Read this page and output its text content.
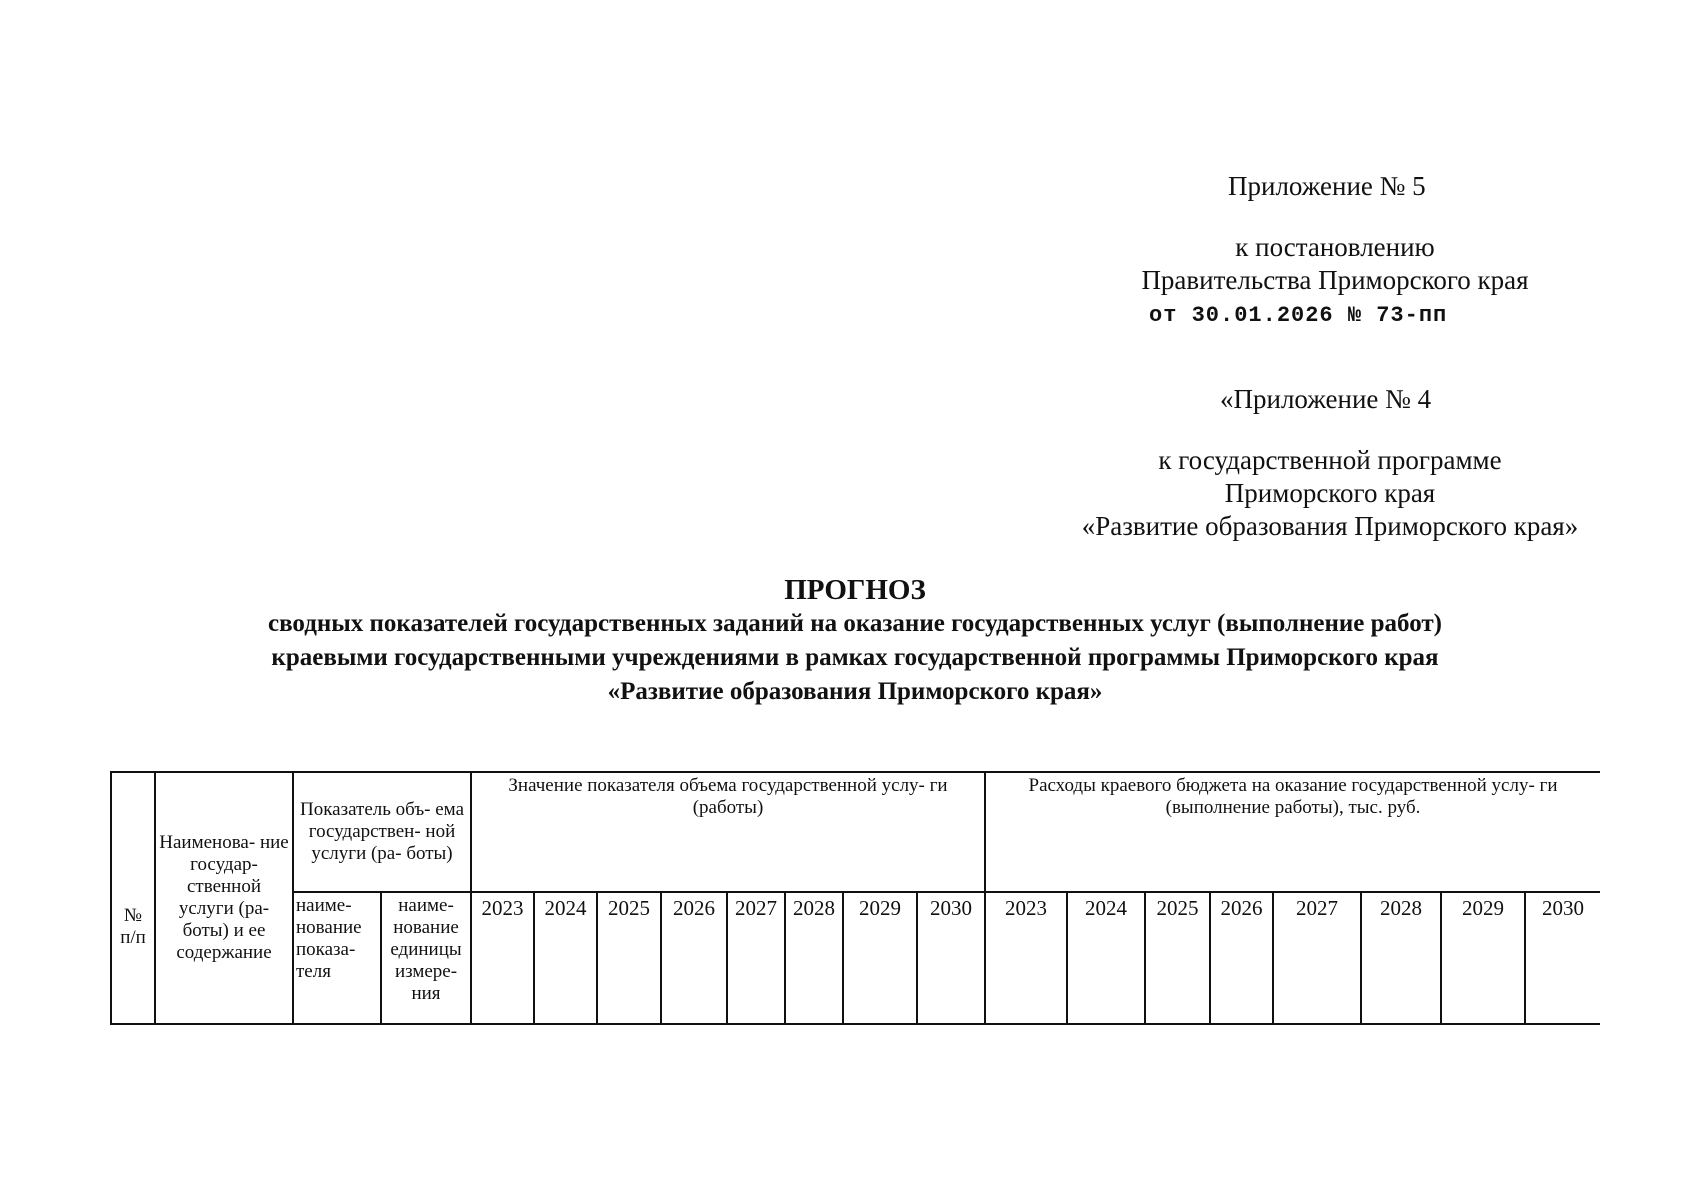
Приложение № 5
к постановлению
Правительства Приморского края
от 30.01.2026 № 73-пп
«Приложение № 4
к государственной программе
Приморского края
«Развитие образования Приморского края»
ПРОГНОЗ
сводных показателей государственных заданий на оказание государственных услуг (выполнение работ)
краевыми государственными учреждениями в рамках государственной программы Приморского края
«Развитие образования Приморского края»
№ п/п	Наименова- ние государ- ственной услуги (ра- боты) и ее содержание	Показатель объ- ема государствен- ной услуги (ра- боты)		Значение показателя объема государственной услу- ги (работы)								Расходы краевого бюджета на оказание государственной услу- ги (выполнение работы), тыс. руб.							
		наиме- нование показа- теля	наиме- нование единицы измере- ния	2023	2024	2025	2026	2027	2028	2029	2030	2023	2024	2025	2026	2027	2028	2029	2030
